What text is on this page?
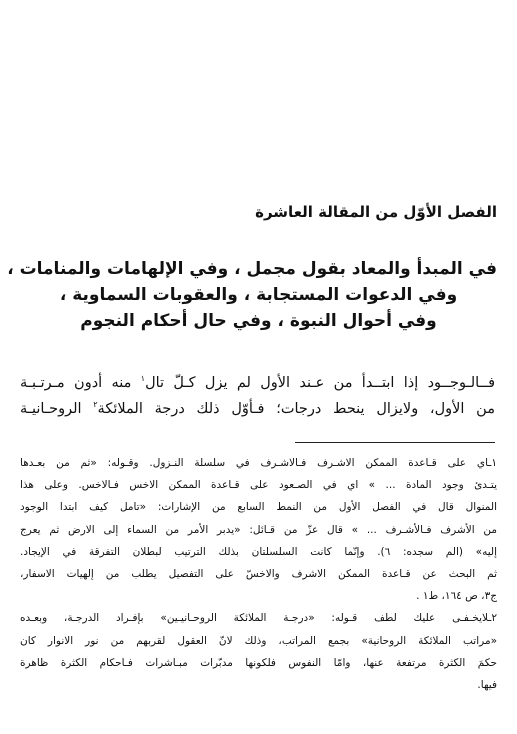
الفصل الأوّل من المقالة العاشرة
في المبدأ والمعاد بقول مجمل ، وفي الإلهامات والمنامات ،
وفي الدعوات المستجابة ، والعقوبات السماوية ،
وفي أحوال النبوة ، وفي حال أحكام النجوم
فــالـوجــود إذا ابتــدأ من عـند الأول لم يزل كـلّ تال$^١$ منه أدون مـرتـبـة
من الأول، ولايزال ينحط درجات؛ فـأوّل ذلك درجة الملائكة$^٢$ الروحـانيـة
١ـاي على قـاعدة الممكن الاشـرف فـالاشـرف في سلسلة النـزول. وقـوله: «ثم من بعـدها
يتـدئ وجود المادة ... » اي في الصـعود على قـاعدة الممكن الاخس فـالاخس. وعلى هذا
المنوال قال في الفصل الأول من النمط السابع من الإشارات: «تامل كيف ابتدا الوجود
من الأشرف فـالأشـرف ... » قال عزّ من قـائل: «يدبر الأمر من السماء إلى الارض ثم يعرج
إليه» (الم سجده: ٦). وإنّما كانت السلسلتان بذلك الترتيب لبطلان التفرقة في الإيجاد.
ثم البحث عن قـاعدة الممكن الاشرف والاخسّ على التفصيل يطلب من إلهيات الاسفار،
ج٣، ص ١٦٤، ط١ .
٢ـلايخـفـى عليك لطف قـوله: «درجـة الملائكة الروحـانيـين» بإفـراد الدرجـة، وبعـده
«مراتب الملائكة الروحانية» بجمع المراتب، وذلك لانّ العقول لقربهم من نور الانوار كان
حكمَ الكثرة مرتفعة عنها، وامّا النفوس فلكونها مدبّرات مبـاشرات فـاحكام الكثرة ظاهرة
فيها.
